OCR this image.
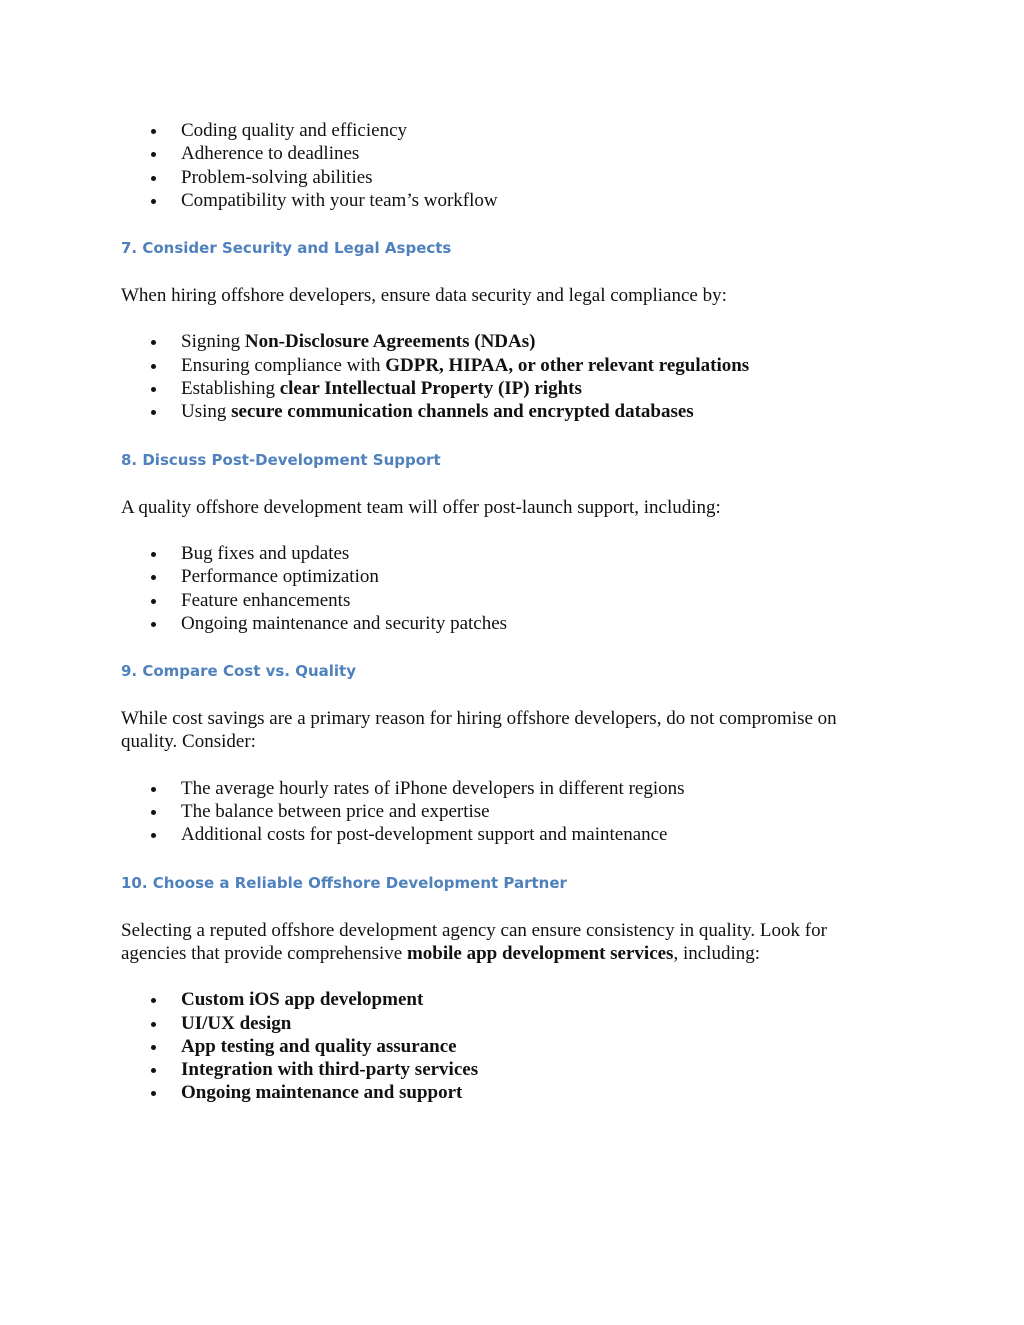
Coding quality and efficiency
Adherence to deadlines
Problem-solving abilities
Compatibility with your team’s workflow
7. Consider Security and Legal Aspects

When hiring offshore developers, ensure data security and legal compliance by:

Signing Non-Disclosure Agreements (NDAs)
Ensuring compliance with GDPR, HIPAA, or other relevant regulations
Establishing clear Intellectual Property (IP) rights
Using secure communication channels and encrypted databases
8. Discuss Post-Development Support

A quality offshore development team will offer post-launch support, including:

Bug fixes and updates
Performance optimization
Feature enhancements
Ongoing maintenance and security patches
9. Compare Cost vs. Quality

While cost savings are a primary reason for hiring offshore developers, do not compromise on quality. Consider:

The average hourly rates of iPhone developers in different regions
The balance between price and expertise
Additional costs for post-development support and maintenance
10. Choose a Reliable Offshore Development Partner

Selecting a reputed offshore development agency can ensure consistency in quality. Look for agencies that provide comprehensive mobile app development services, including:

Custom iOS app development
UI/UX design
App testing and quality assurance
Integration with third-party services
Ongoing maintenance and support
